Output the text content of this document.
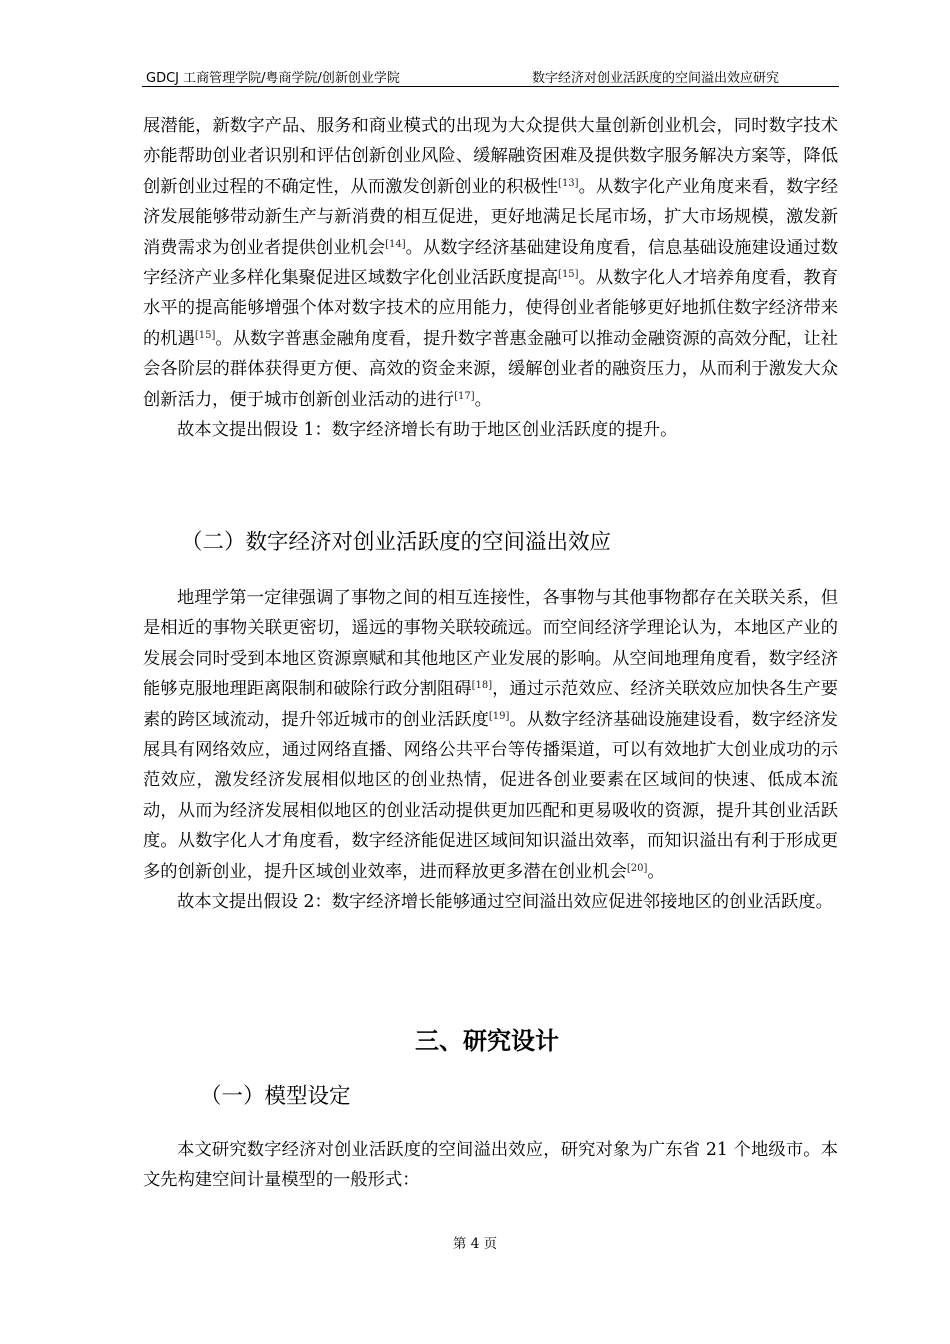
GDCJ 工商管理学院/粤商学院/创新创业学院	数字经济对创业活跃度的空间溢出效应研究

展潜能，新数字产品、服务和商业模式的出现为大众提供大量创新创业机会，同时数字技术亦能帮助创业者识别和评估创新创业风险、缓解融资困难及提供数字服务解决方案等，降低创新创业过程的不确定性，从而激发创新创业的积极性[13]。从数字化产业角度来看，数字经济发展能够带动新生产与新消费的相互促进，更好地满足长尾市场，扩大市场规模，激发新消费需求为创业者提供创业机会[14]。从数字经济基础建设角度看，信息基础设施建设通过数字经济产业多样化集聚促进区域数字化创业活跃度提高[15]。从数字化人才培养角度看，教育水平的提高能够增强个体对数字技术的应用能力，使得创业者能够更好地抓住数字经济带来的机遇[15]。从数字普惠金融角度看，提升数字普惠金融可以推动金融资源的高效分配，让社会各阶层的群体获得更方便、高效的资金来源，缓解创业者的融资压力，从而利于激发大众创新活力，便于城市创新创业活动的进行[17]。

故本文提出假设 1：数字经济增长有助于地区创业活跃度的提升。

（二）数字经济对创业活跃度的空间溢出效应

地理学第一定律强调了事物之间的相互连接性，各事物与其他事物都存在关联关系，但是相近的事物关联更密切，遥远的事物关联较疏远。而空间经济学理论认为，本地区产业的发展会同时受到本地区资源禀赋和其他地区产业发展的影响。从空间地理角度看，数字经济能够克服地理距离限制和破除行政分割阻碍[18]，通过示范效应、经济关联效应加快各生产要素的跨区域流动，提升邻近城市的创业活跃度[19]。从数字经济基础设施建设看，数字经济发展具有网络效应，通过网络直播、网络公共平台等传播渠道，可以有效地扩大创业成功的示范效应，激发经济发展相似地区的创业热情，促进各创业要素在区域间的快速、低成本流动，从而为经济发展相似地区的创业活动提供更加匹配和更易吸收的资源，提升其创业活跃度。从数字化人才角度看，数字经济能促进区域间知识溢出效率，而知识溢出有利于形成更多的创新创业，提升区域创业效率，进而释放更多潜在创业机会[20]。

故本文提出假设 2：数字经济增长能够通过空间溢出效应促进邻接地区的创业活跃度。

三、研究设计
（一）模型设定

本文研究数字经济对创业活跃度的空间溢出效应，研究对象为广东省 21 个地级市。本文先构建空间计量模型的一般形式：

第 4 页
